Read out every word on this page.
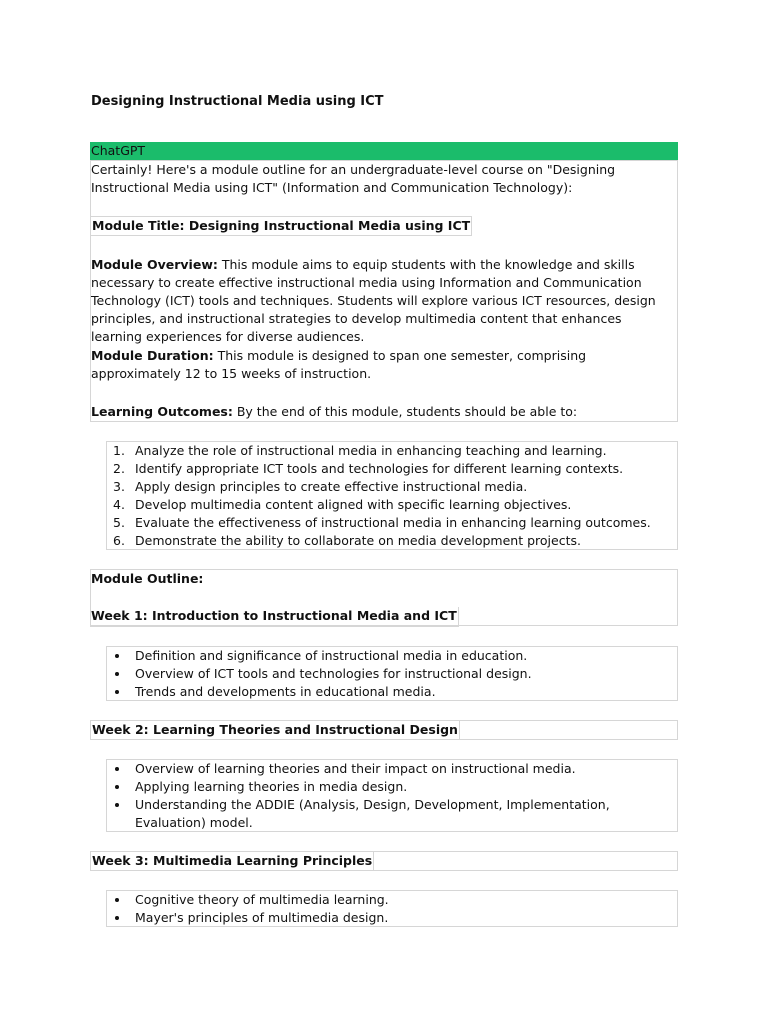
Designing Instructional Media using ICT
ChatGPT

Certainly! Here's a module outline for an undergraduate-level course on "Designing Instructional Media using ICT" (Information and Communication Technology):

Module Title: Designing Instructional Media using ICT

Module Overview: This module aims to equip students with the knowledge and skills necessary to create effective instructional media using Information and Communication Technology (ICT) tools and techniques. Students will explore various ICT resources, design principles, and instructional strategies to develop multimedia content that enhances learning experiences for diverse audiences.

Module Duration: This module is designed to span one semester, comprising approximately 12 to 15 weeks of instruction.

Learning Outcomes: By the end of this module, students should be able to:

1. Analyze the role of instructional media in enhancing teaching and learning.
2. Identify appropriate ICT tools and technologies for different learning contexts.
3. Apply design principles to create effective instructional media.
4. Develop multimedia content aligned with specific learning objectives.
5. Evaluate the effectiveness of instructional media in enhancing learning outcomes.
6. Demonstrate the ability to collaborate on media development projects.

Module Outline:

Week 1: Introduction to Instructional Media and ICT
Definition and significance of instructional media in education.
Overview of ICT tools and technologies for instructional design.
Trends and developments in educational media.
Week 2: Learning Theories and Instructional Design
Overview of learning theories and their impact on instructional media.
Applying learning theories in media design.
Understanding the ADDIE (Analysis, Design, Development, Implementation, Evaluation) model.
Week 3: Multimedia Learning Principles
Cognitive theory of multimedia learning.
Mayer's principles of multimedia design.
